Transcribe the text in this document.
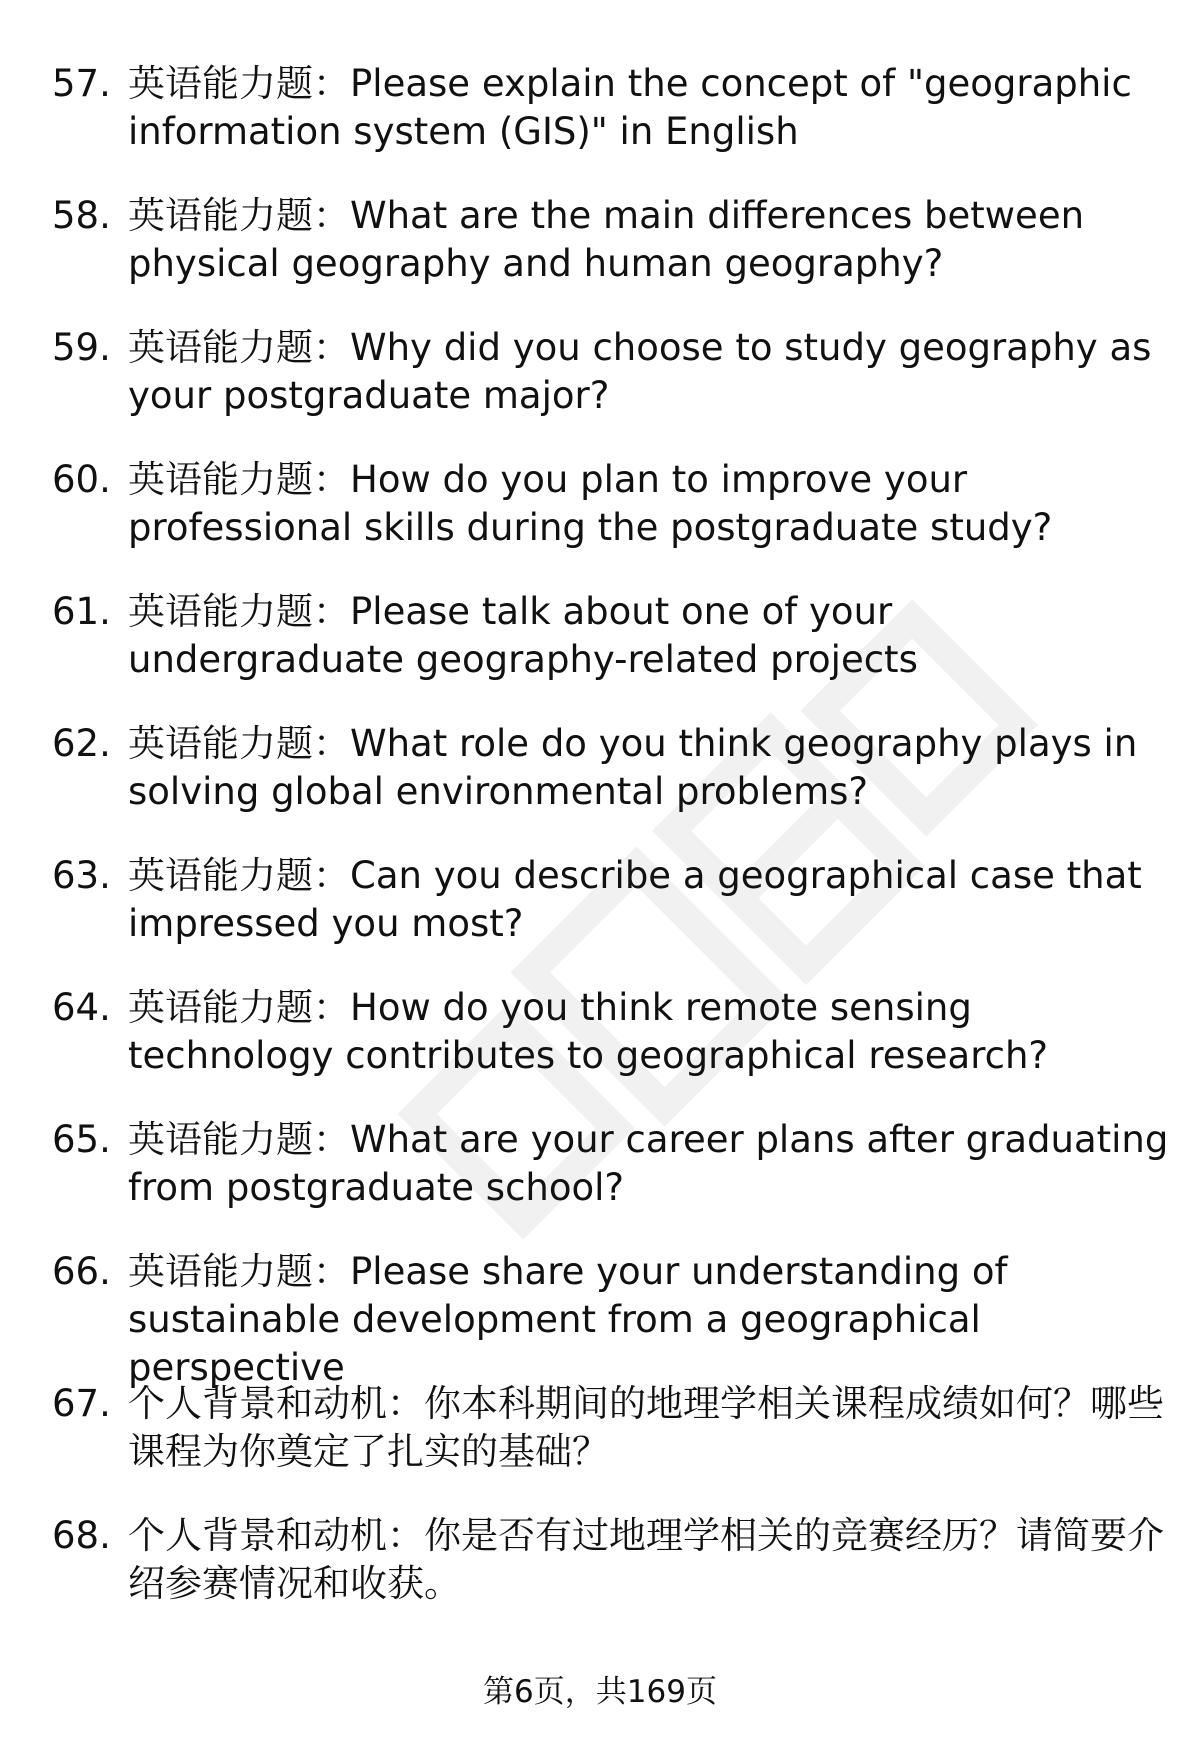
57. 英语能力题：Please explain the concept of "geographic information system (GIS)" in English
58. 英语能力题：What are the main differences between physical geography and human geography?
59. 英语能力题：Why did you choose to study geography as your postgraduate major?
60. 英语能力题：How do you plan to improve your professional skills during the postgraduate study?
61. 英语能力题：Please talk about one of your undergraduate geography-related projects
62. 英语能力题：What role do you think geography plays in solving global environmental problems?
63. 英语能力题：Can you describe a geographical case that impressed you most?
64. 英语能力题：How do you think remote sensing technology contributes to geographical research?
65. 英语能力题：What are your career plans after graduating from postgraduate school?
66. 英语能力题：Please share your understanding of sustainable development from a geographical perspective
67. 个人背景和动机：你本科期间的地理学相关课程成绩如何？哪些课程为你奠定了扎实的基础？
68. 个人背景和动机：你是否有过地理学相关的竞赛经历？请简要介绍参赛情况和收获。
第6页，共169页
